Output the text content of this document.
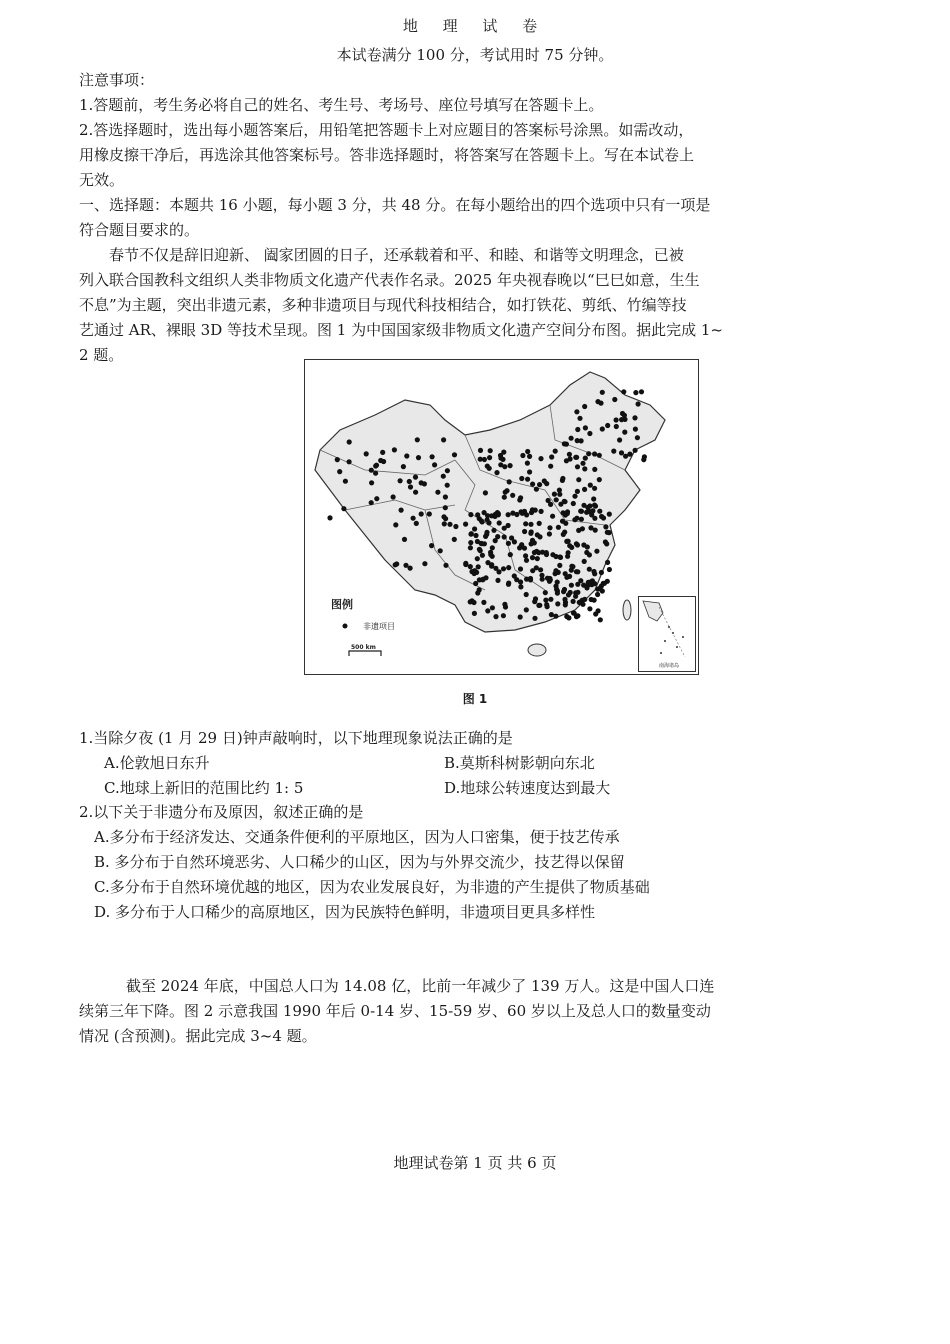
地 理 试 卷
本试卷满分 100 分，考试用时 75 分钟。
注意事项：
1.答题前，考生务必将自己的姓名、考生号、考场号、座位号填写在答题卡上。
2.答选择题时，选出每小题答案后，用铅笔把答题卡上对应题目的答案标号涂黑。如需改动，
用橡皮擦干净后，再选涂其他答案标号。答非选择题时，将答案写在答题卡上。写在本试卷上
无效。
一、选择题：本题共 16 小题，每小题 3 分，共 48 分。在每小题给出的四个选项中只有一项是
符合题目要求的。
春节不仅是辞旧迎新、 阖家团圆的日子，还承载着和平、和睦、和谐等文明理念，已被
列入联合国教科文组织人类非物质文化遗产代表作名录。2025 年央视春晚以“巳巳如意，生生
不息”为主题，突出非遗元素，多种非遗项目与现代科技相结合，如打铁花、剪纸、竹编等技
艺通过 AR、裸眼 3D 等技术呈现。图 1 为中国国家级非物质文化遗产空间分布图。据此完成 1~
2 题。
图例
非遗项目
500 km
南海诸岛
图 1
1.当除夕夜 (1 月 29 日)钟声敲响时，以下地理现象说法正确的是
A.伦敦旭日东升	B.莫斯科树影朝向东北
C.地球上新旧的范围比约 1: 5	D.地球公转速度达到最大
2.以下关于非遗分布及原因，叙述正确的是
A.多分布于经济发达、交通条件便利的平原地区，因为人口密集，便于技艺传承
B. 多分布于自然环境恶劣、人口稀少的山区，因为与外界交流少，技艺得以保留
C.多分布于自然环境优越的地区，因为农业发展良好，为非遗的产生提供了物质基础
D. 多分布于人口稀少的高原地区，因为民族特色鲜明，非遗项目更具多样性
截至 2024 年底，中国总人口为 14.08 亿，比前一年减少了 139 万人。这是中国人口连
续第三年下降。图 2 示意我国 1990 年后 0-14 岁、15-59 岁、60 岁以上及总人口的数量变动
情况 (含预测)。据此完成 3~4 题。
地理试卷第 1 页 共 6 页
